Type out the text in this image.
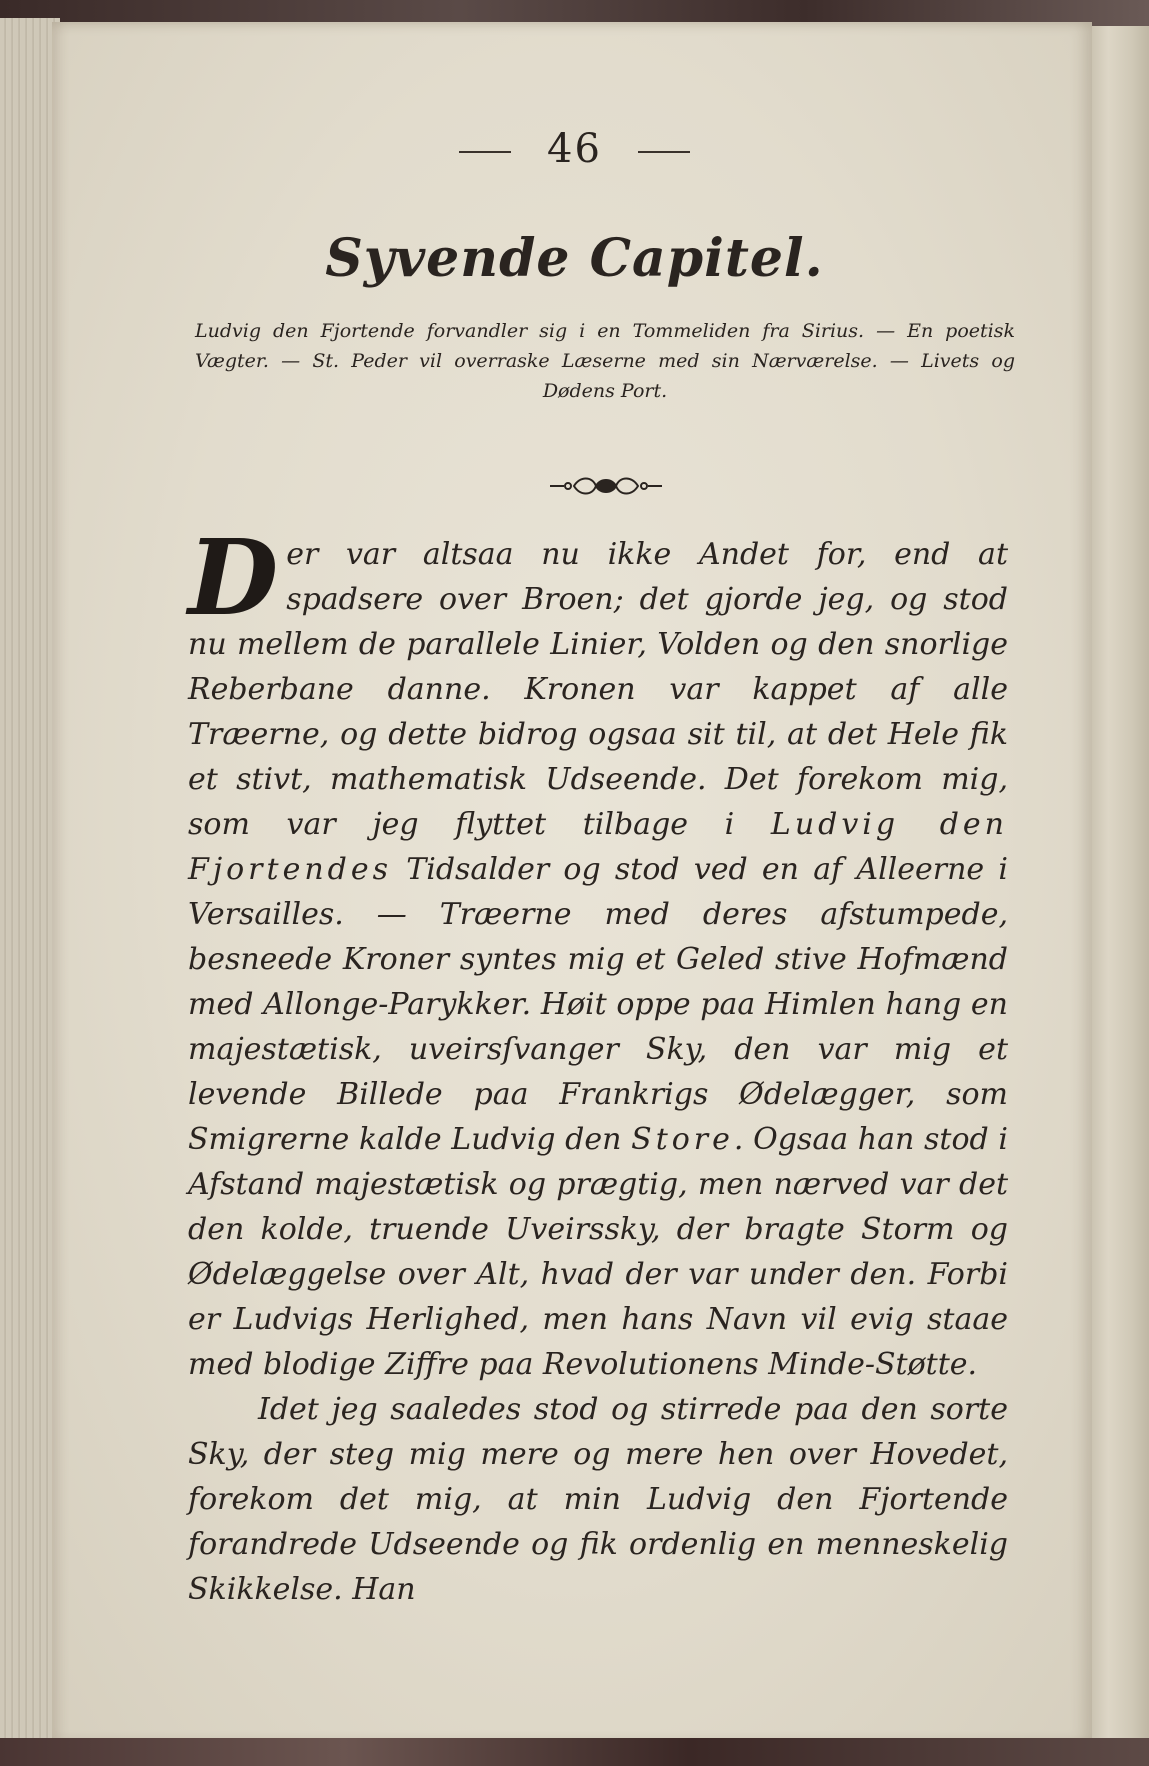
46
Syvende Capitel.
Ludvig den Fjortende forvandler sig i en Tommeliden fra Sirius. — En poetisk Vægter. — St. Peder vil overraske Læserne med sin Nærværelse. — Livets og Dødens Port.

Der var altsaa nu ikke Andet for, end at spadsere over Broen; det gjorde jeg, og stod nu mellem de parallele Linier, Volden og den snorlige Reberbane danne. Kronen var kappet af alle Træerne, og dette bidrog ogsaa sit til, at det Hele fik et stivt, mathematisk Udseende. Det forekom mig, som var jeg flyttet tilbage i Ludvig den Fjortendes Tidsalder og stod ved en af Alleerne i Versailles. — Træerne med deres afstumpede, besneede Kroner syntes mig et Geled stive Hofmænd med Allonge-Parykker. Høit oppe paa Himlen hang en majestætisk, uveirsſvanger Sky, den var mig et levende Billede paa Frankrigs Ødelægger, som Smigrerne kalde Ludvig den Store. Ogsaa han stod i Afstand majestætisk og prægtig, men nærved var det den kolde, truende Uveirssky, der bragte Storm og Ødelæggelse over Alt, hvad der var under den. Forbi er Ludvigs Herlighed, men hans Navn vil evig staae med blodige Ziffre paa Revolutionens Minde-Støtte.

Idet jeg saaledes stod og stirrede paa den sorte Sky, der steg mig mere og mere hen over Hovedet, forekom det mig, at min Ludvig den Fjortende forandrede Udseende og fik ordenlig en menneskelig Skikkelse. Han
